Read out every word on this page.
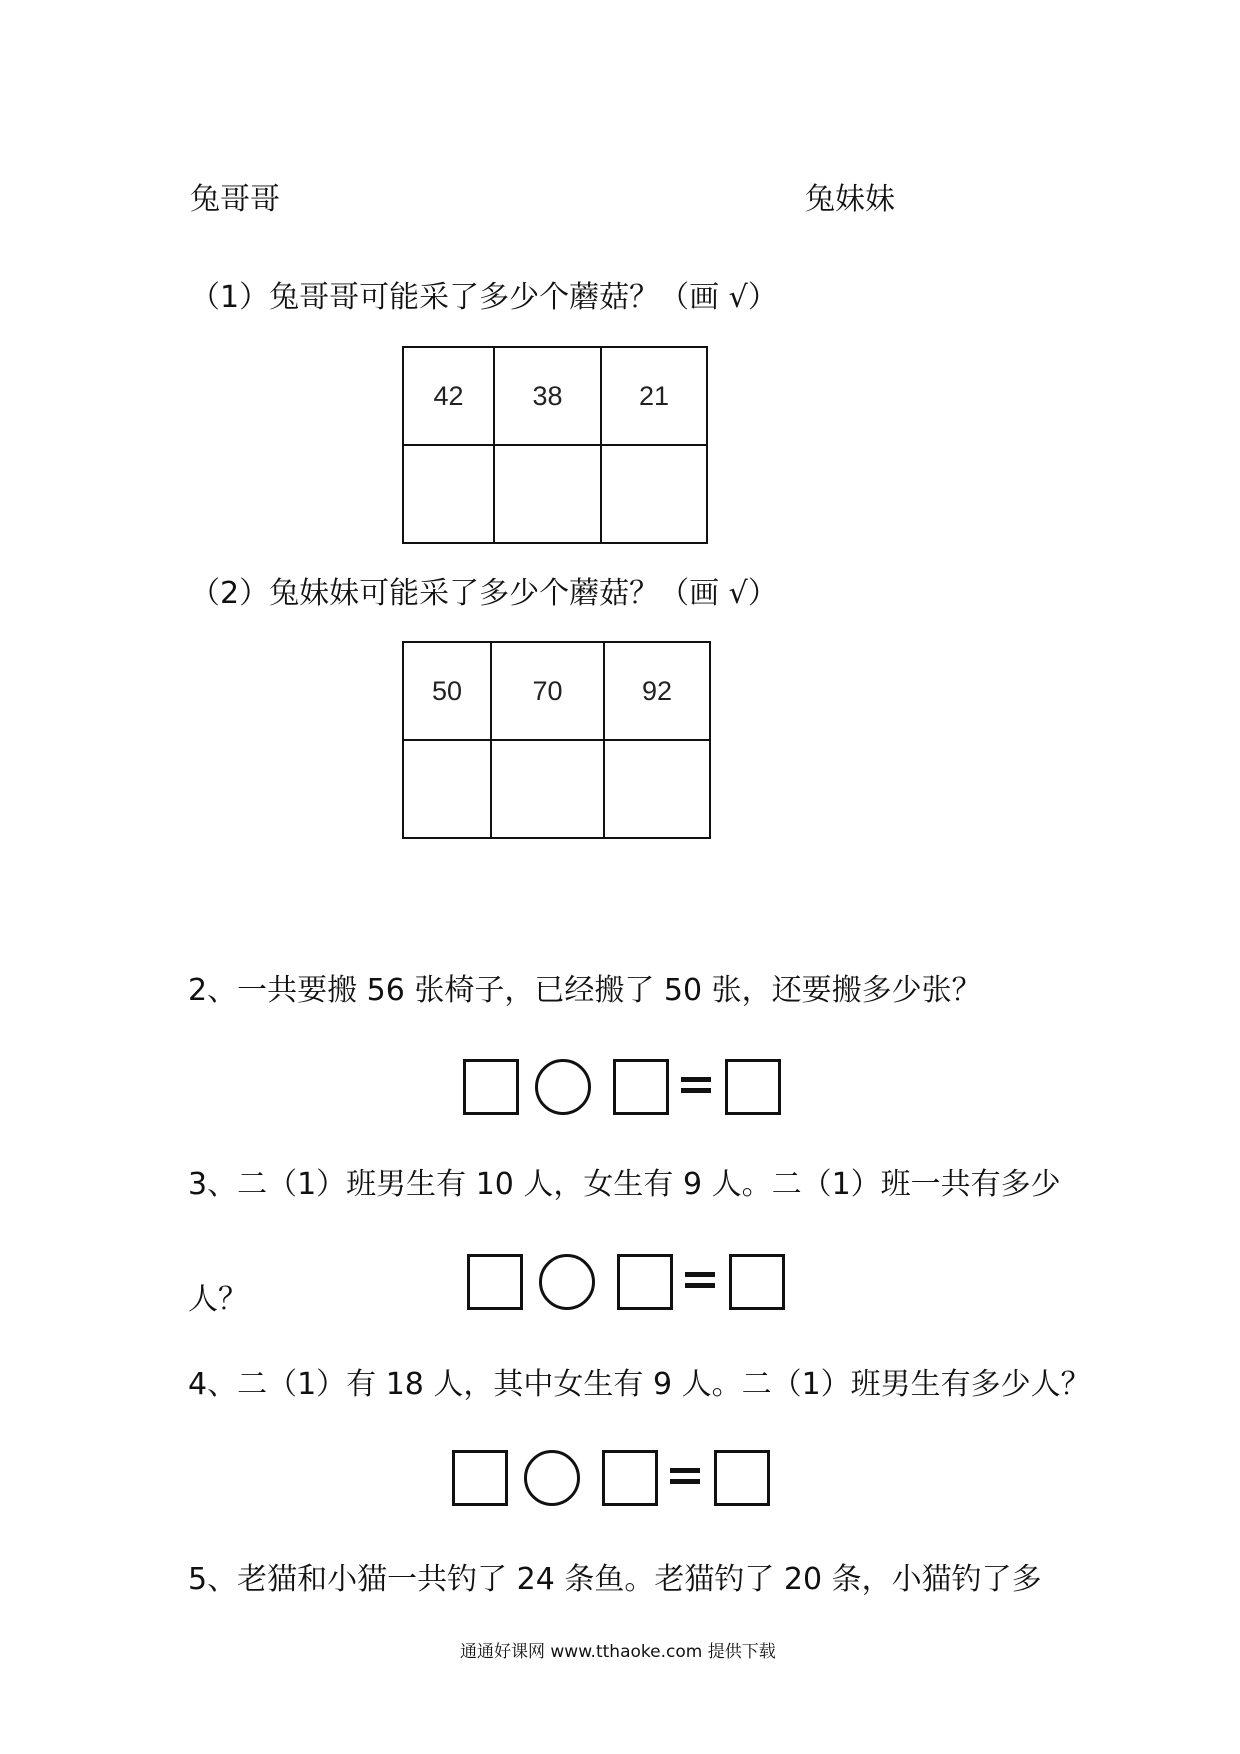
兔哥哥	兔妹妹
（1）兔哥哥可能采了多少个蘑菇？（画 √）
42	38	21

（2）兔妹妹可能采了多少个蘑菇？（画 √）
50	70	92

2、一共要搬 56 张椅子，已经搬了 50 张，还要搬多少张？
3、二（1）班男生有 10 人，女生有 9 人。二（1）班一共有多少
人？
4、二（1）有 18 人，其中女生有 9 人。二（1）班男生有多少人？
5、老猫和小猫一共钓了 24 条鱼。老猫钓了 20 条，小猫钓了多
通通好课网 www.tthaoke.com 提供下载
